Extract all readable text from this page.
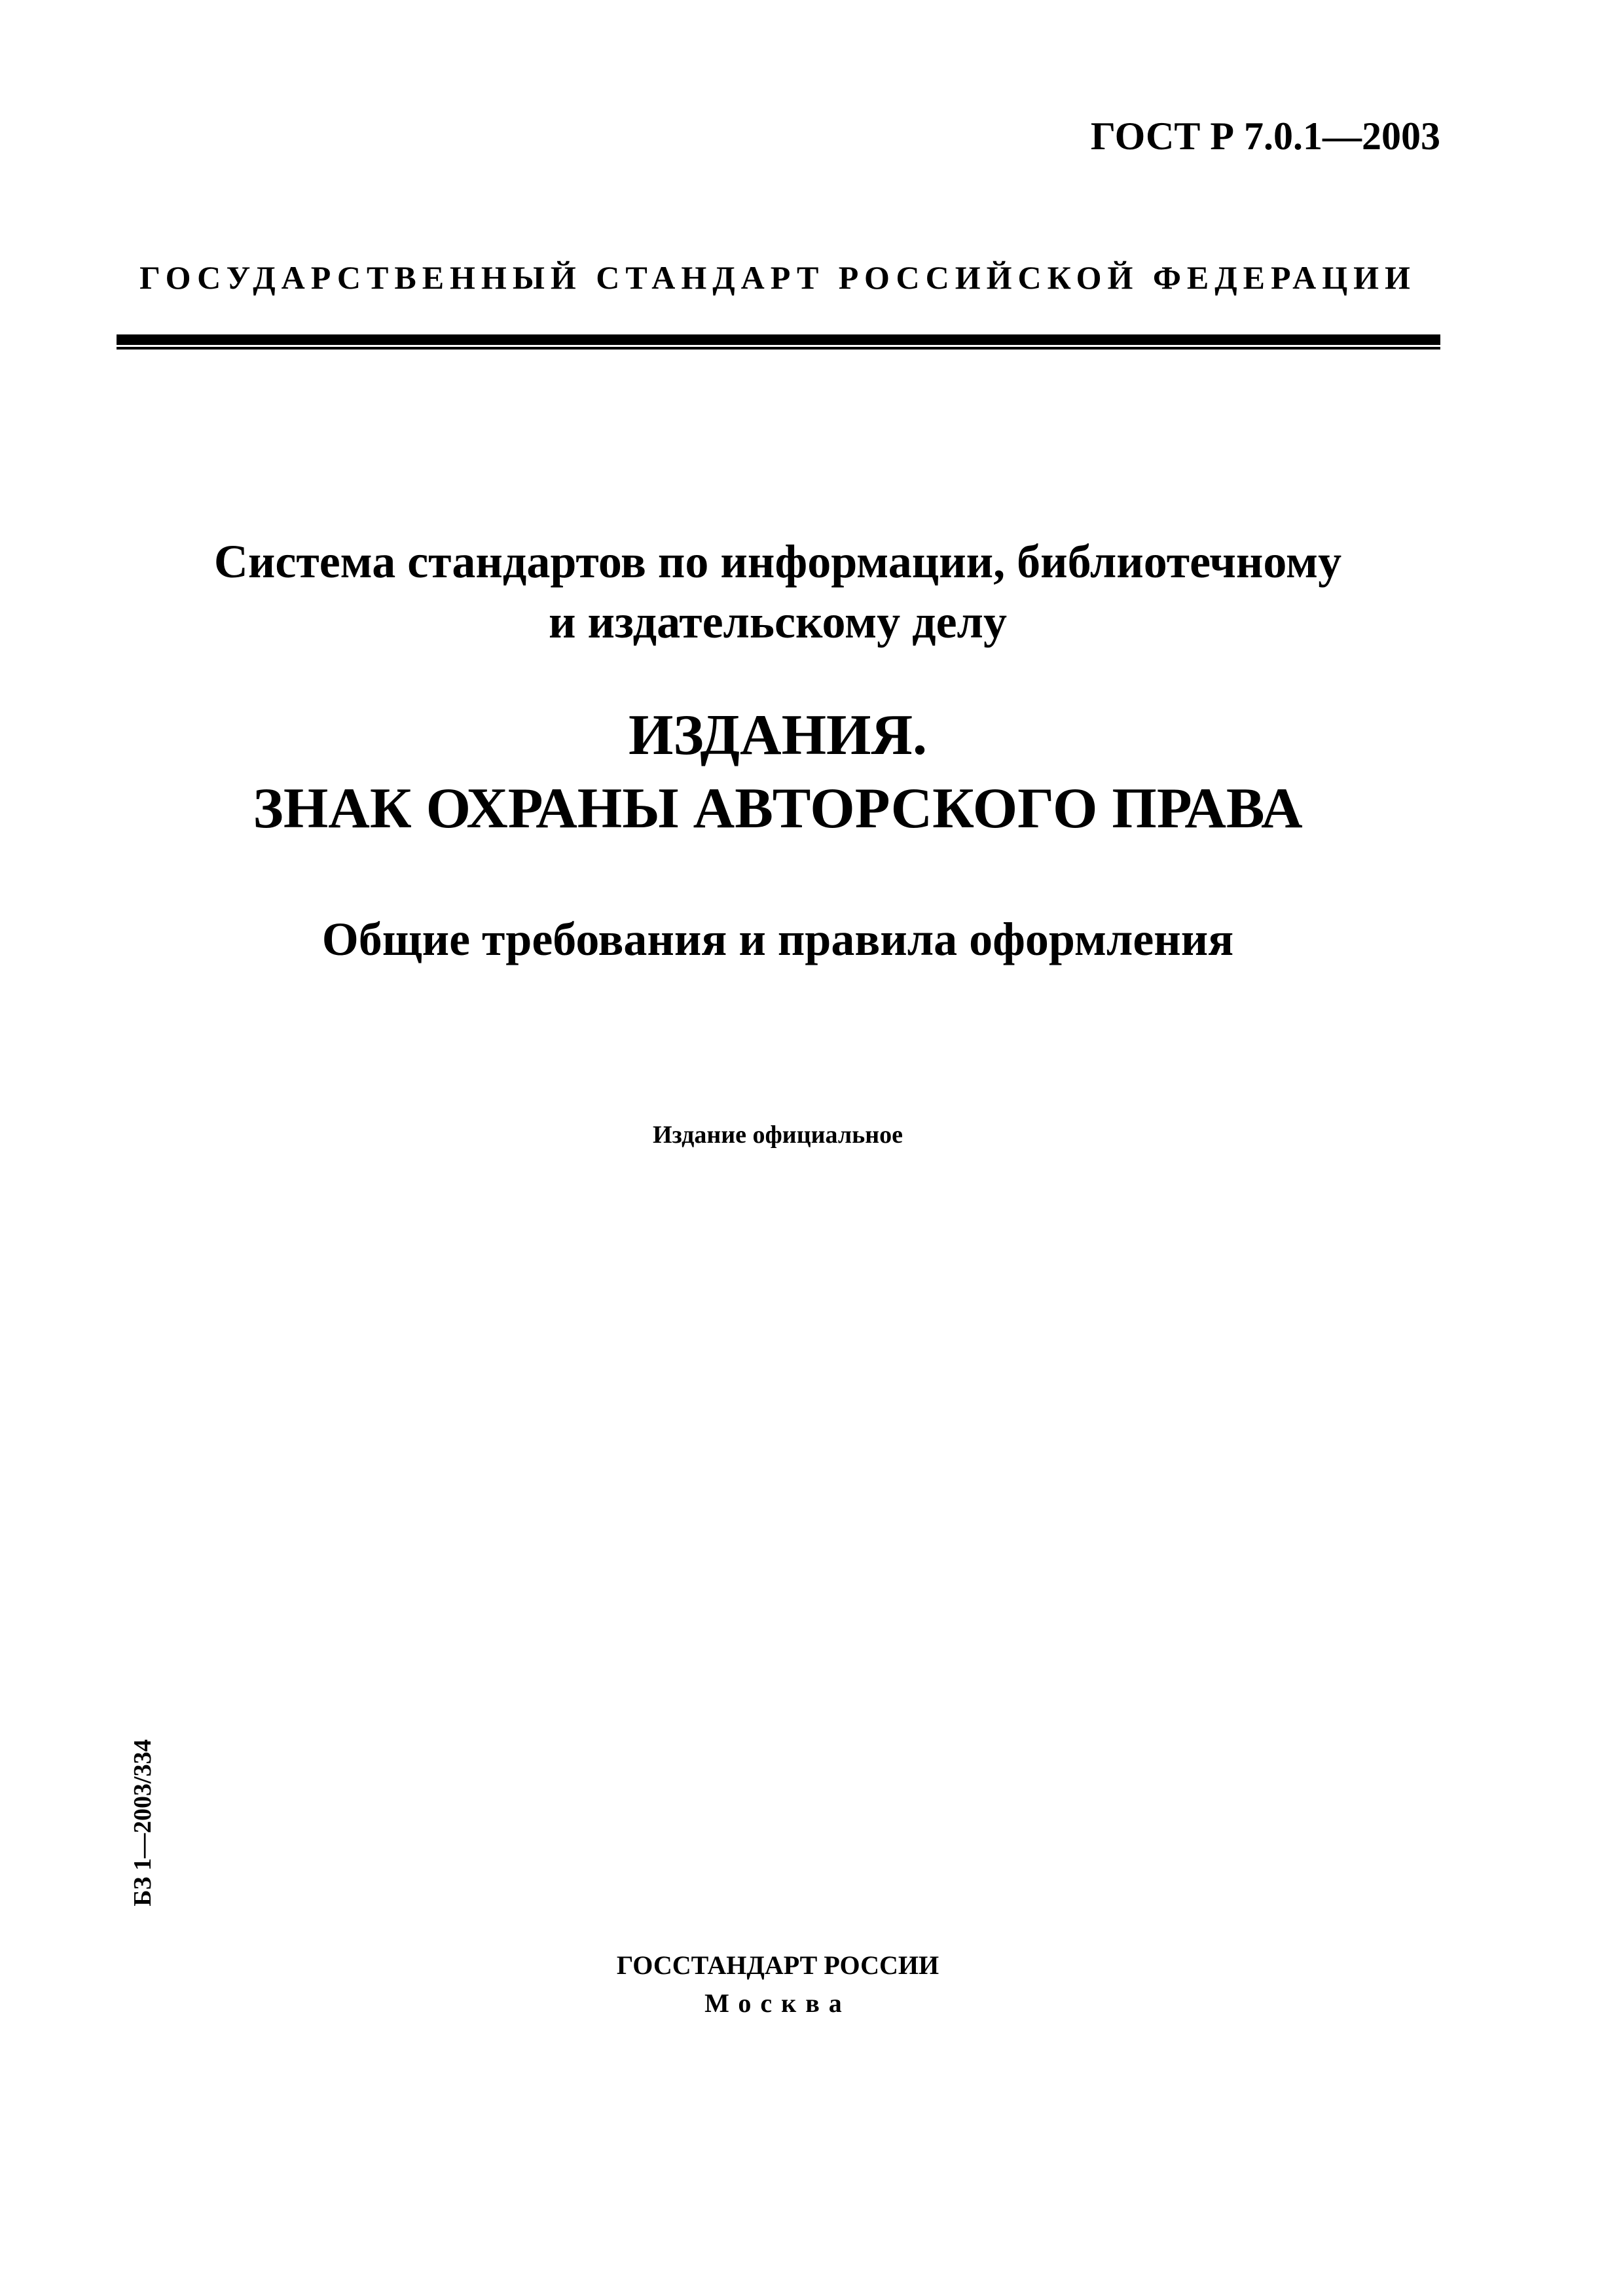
ГОСТ Р 7.0.1—2003
ГОСУДАРСТВЕННЫЙ СТАНДАРТ РОССИЙСКОЙ ФЕДЕРАЦИИ
Система стандартов по информации, библиотечному
и издательскому делу
ИЗДАНИЯ.
ЗНАК ОХРАНЫ АВТОРСКОГО ПРАВА
Общие требования и правила оформления
Издание официальное
БЗ 1—2003/334
ГОССТАНДАРТ РОССИИ
Москва
